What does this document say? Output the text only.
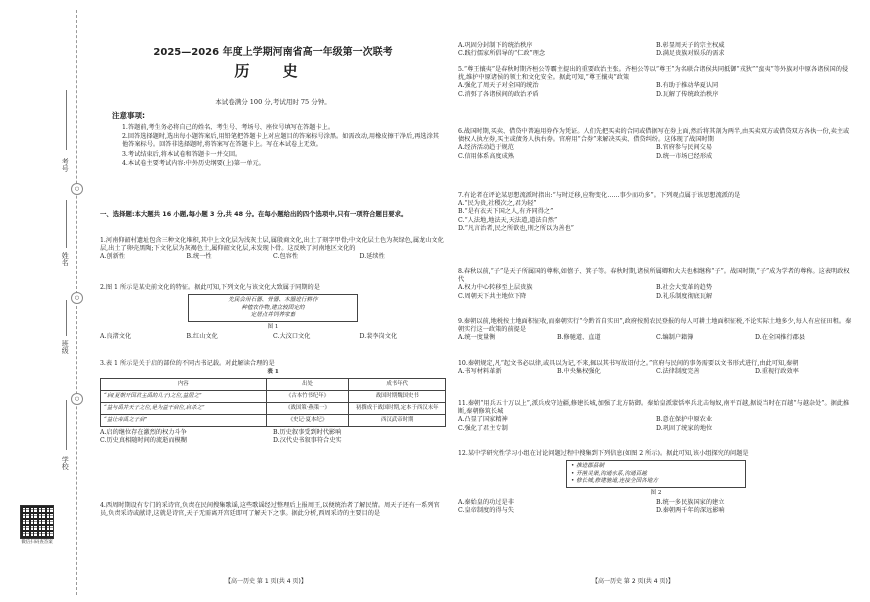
○
○
○
考号
姓名
班级
学校
微信扫码查答案
2025—2026 年度上学期河南省高一年级第一次联考
历 史
本试卷满分 100 分,考试用时 75 分钟。
注意事项:

1.答题前,考生务必将自己的姓名、考生号、考场号、座位号填写在答题卡上。

2.回答选择题时,选出每小题答案后,用铅笔把答题卡上对应题目的答案标号涂黑。如需改动,用橡皮擦干净后,再选涂其他答案标号。回答非选择题时,将答案写在答题卡上。写在本试卷上无效。

3.考试结束后,将本试卷和答题卡一并交回。

4.本试卷主要考试内容:中外历史纲要(上)第一单元。

一、选择题:本大题共 16 小题,每小题 3 分,共 48 分。在每小题给出的四个选项中,只有一项符合题目要求。

1.河南仰韶村遗址包含三种文化堆积,其中上文化层为浅灰土层,属殷商文化,出土了刻字甲骨;中文化层土色为灰绿色,属龙山文化层,出土了卵壳黑陶;下文化层为灰褐色土,属仰韶文化层,未发现卜骨。这反映了河南地区文化的

A.创新性	B.统一性	C.包容性	D.延续性

2.图 1 所示是某史前文化的特征。据此可知,下列文化与该文化大致属于同期的是

先民会用石器、骨器、木器进行耕作
种植农作物,建立较固定的
定居点并饲养家畜
图 1
A.良渚文化	B.红山文化	C.大汶口文化	D.裴李岗文化

3.表 1 所示是关于启的部位的不同古书记载。对此解读合理的是

表 1
内容	出处	成书年代
“启(夏朝开国君主禹的儿子)之位,益居之”	《古本竹书纪年》	战国时期魏国史书
“益与禹并天子之位,是为益干启位,启杀之”	《战国策·燕策一》	初撰成于战国时期,定本于西汉末年
“益让帝禹之子启”	《史记·夏本纪》	西汉武帝时期
A.启的继位存在激烈的权力斗争	B.历史叙事受到时代影响
C.历史真相随时间的流逝而模糊	D.汉代史书叙事符合史实

4.西周时期设有专门的采诗官,负责在民间搜集歌谣,这些歌谣经过整理后上报周王,以便统治者了解民情。周天子还有一系列官员,负责采诗或献诗,这就是诗官,天子无需离开宫廷即可了解天下之事。据此分析,西周采诗的主要目的是

【高一历史 第 1 页(共 4 页)】
A.巩固分封制下的统治秩序	B.彰显周天子的宗主权威
C.践行儒家所倡导的“仁政”理念	D.满足贵族对娱乐的需求

5.“尊王攘夷”是春秋时期齐桓公等霸主提出的重要政治主张。齐桓公等以“尊王”为名联合诸侯共同抵御“戎狄”“蛮夷”等外族对中原各诸侯国的侵扰,维护中原诸侯的领土和文化安全。据此可知,“尊王攘夷”政策

A.强化了周天子对全国的统治	B.有助于推动华夏认同
C.消弭了各诸侯间的政治矛盾	D.瓦解了传统政治秩序

6.战国时期,买卖、借贷中普遍用券作为凭证。人们先把买卖的合同或借据写在券上面,然后将其剖为两半,由买卖双方或借贷双方各执一份,卖主或债权人执左券,买主或债务人执右券。官府用“合券”来解决买卖、借贷纠纷。这体现了战国时期

A.经济活动趋于规范	B.官府参与民间交易
C.信用体系高度成熟	D.统一市场已经形成

7.有论者在评论某思想流派时指出:“与时迁移,应物变化……事少而功多”。下列观点属于该思想流派的是

A.“民为贵,社稷次之,君为轻”
B.“是有衣天下国之人,有齐同得之”
C.“人法地,地法天,天法道,道法自然”
D.“凡言治者,民之所欲也,刑之所以为善也”

8.春秋以前,“子”是天子所属国的尊称,如僖子、箕子等。春秋时期,诸侯所属卿和大夫也相继称“子”。战国时期,“子”成为学者的尊称。这表明政权代

A.权力中心转移至上层贵族	B.社会大变革的趋势
C.周朝天下共主地位下降	D.礼乐制度彻底瓦解

9.秦朝以前,地税按土地面积征收,而秦朝实行“令黔首自实田”,政府按照农民登报的每人可耕土地面积征税,不论实际土地多少,每人有应征田租。秦朝实行这一政策的前提是

A.统一度量衡	B.修驰道、直道	C.编制户籍簿	D.在全国推行郡县

10.秦朝规定,凡“起文书必以律,或具以为记,不来,辄以其书写故诏付之。”官府与民间的事务需要以文书形式进行,由此可知,秦朝

A.书写材料革新	B.中央集权强化	C.法律制度完善	D.重视行政效率

11.秦朝“用兵五十万以上”,派兵戍守边疆,修建长城,加强了北方防御。秦始皇派蒙恬率兵北击匈奴,南平百越,据说当时在百越“与越杂处”。据此推断,秦朝修筑长城

A.凸显了国家精神	B.意在保护中原农业
C.强化了君主专制	D.巩固了统家的地位

12.某中学研究性学习小组在讨论问题过程中搜集到下列信息(如图 2 所示)。据此可知,该小组探究的问题是

• 推进郡县制
• 开凿灵渠,沟通水系,沟通百越
• 修长城,修建驰道,连接全国各地方
图 2
A.秦始皇的功过是非	B.统一多民族国家的建立
C.皇帝制度的得与失	D.秦朝两千年的深远影响
【高一历史 第 2 页(共 4 页)】
